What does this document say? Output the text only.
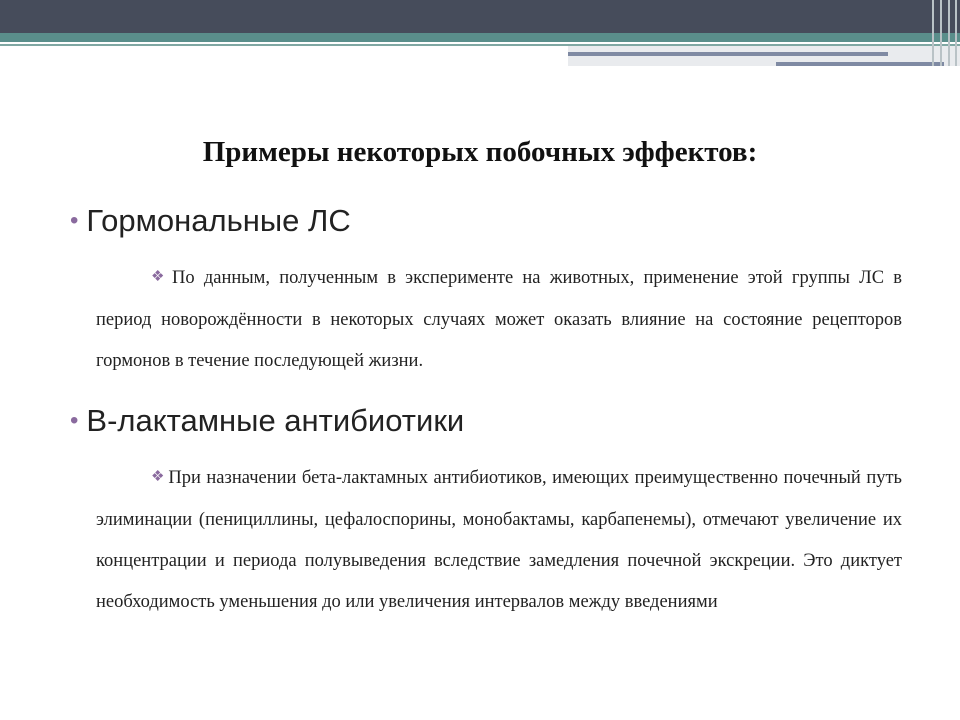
Примеры некоторых побочных эффектов:

• Гормональные ЛС

❖ По данным, полученным в эксперименте на животных, применение этой группы ЛС в период новорождённости в некоторых случаях может оказать влияние на состояние рецепторов гормонов в течение последующей жизни.

• B-лактамные антибиотики

❖ При назначении бета-лактамных антибиотиков, имеющих преимущественно почечный путь элиминации (пенициллины, цефалоспорины, монобактамы, карбапенемы), отмечают увеличение их концентрации и периода полувыведения вследствие замедления почечной экскреции. Это диктует необходимость уменьшения до или увеличения интервалов между введениями
